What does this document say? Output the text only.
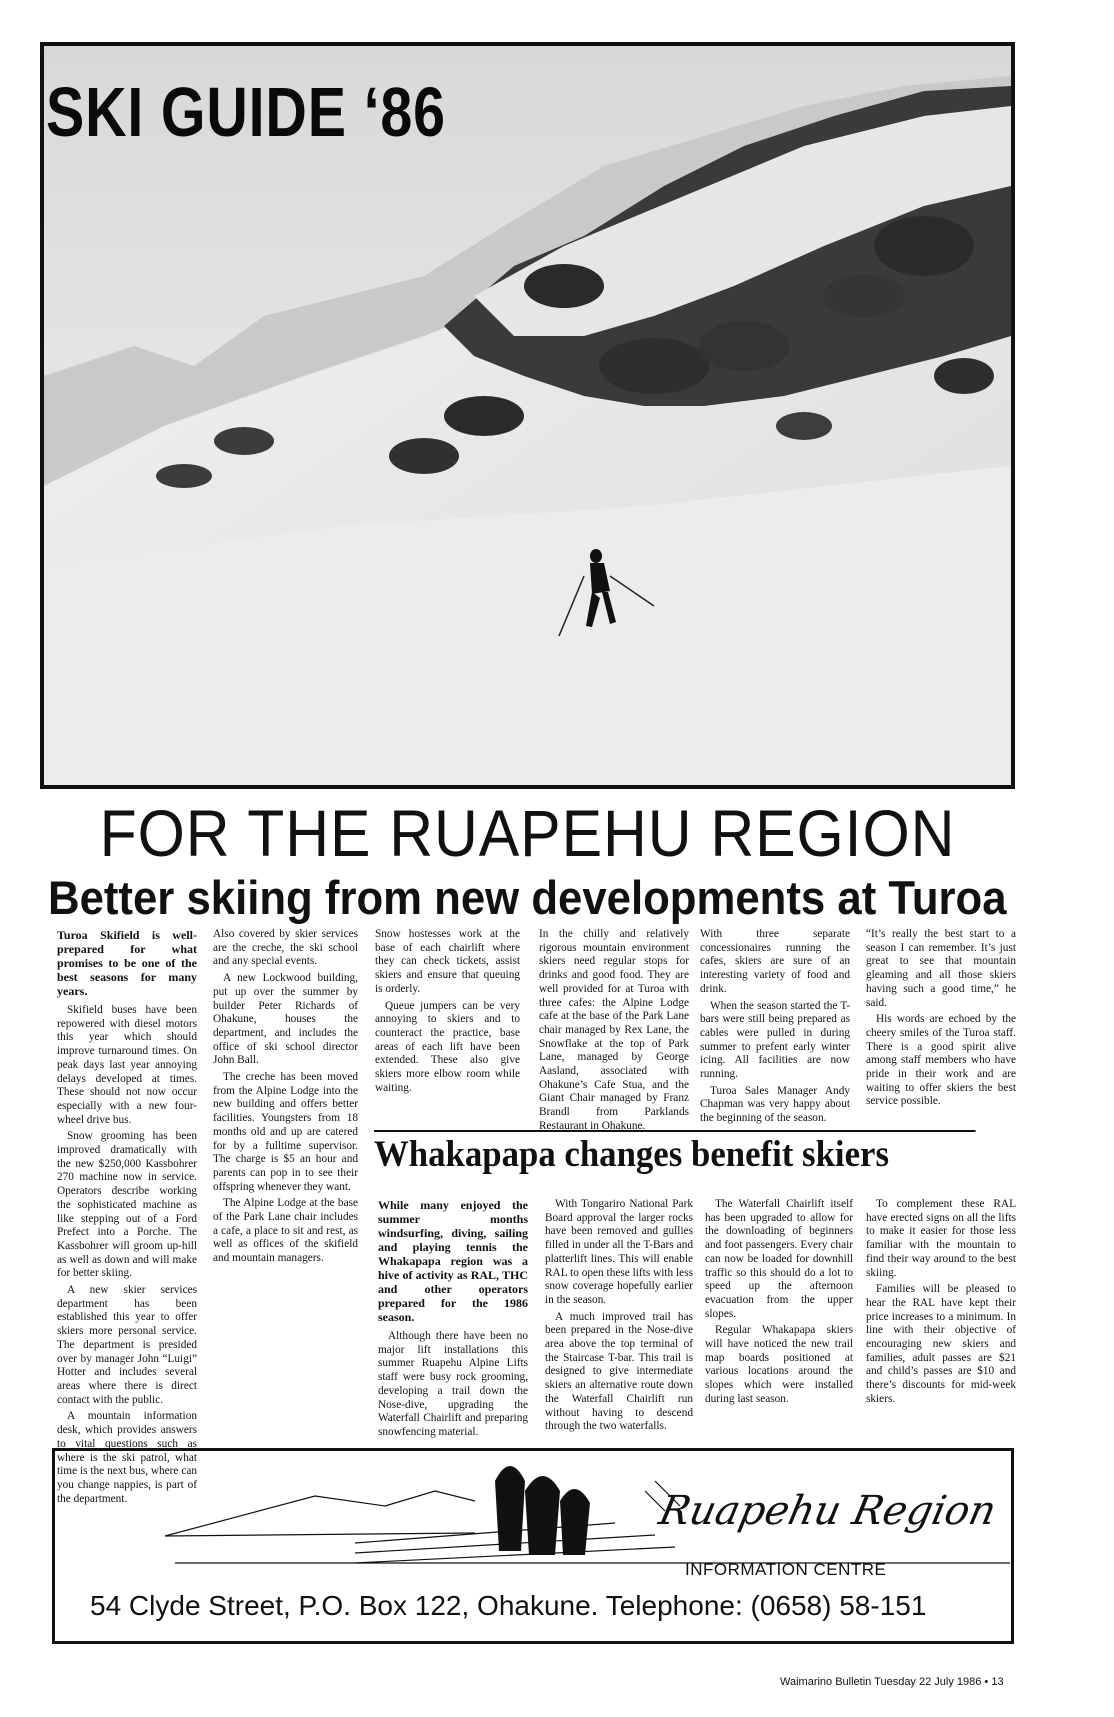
SKI GUIDE ‘86
FOR THE RUAPEHU REGION
Better skiing from new developments at Turoa

Turoa Skifield is well-prepared for what promises to be one of the best seasons for many years.

Skifield buses have been repowered with diesel motors this year which should improve turnaround times. On peak days last year annoying delays developed at times. These should not now occur especially with a new four-wheel drive bus.

Snow grooming has been improved dramatically with the new $250,000 Kassbohrer 270 machine now in service. Operators describe working the sophisticated machine as like stepping out of a Ford Prefect into a Porche. The Kassbohrer will groom up-hill as well as down and will make for better skiing.

A new skier services department has been established this year to offer skiers more personal service. The department is presided over by manager John “Luigi” Hotter and includes several areas where there is direct contact with the public.

A mountain information desk, which provides answers to vital questions such as where is the ski patrol, what time is the next bus, where can you change nappies, is part of the department.

Also covered by skier services are the creche, the ski school and any special events.

A new Lockwood building, put up over the summer by builder Peter Richards of Ohakune, houses the department, and includes the office of ski school director John Ball.

The creche has been moved from the Alpine Lodge into the new building and offers better facilities. Youngsters from 18 months old and up are catered for by a fulltime supervisor. The charge is $5 an hour and parents can pop in to see their offspring whenever they want.

The Alpine Lodge at the base of the Park Lane chair includes a cafe, a place to sit and rest, as well as offices of the skifield and mountain managers.

Snow hostesses work at the base of each chairlift where they can check tickets, assist skiers and ensure that queuing is orderly.

Queue jumpers can be very annoying to skiers and to counteract the practice, base areas of each lift have been extended. These also give skiers more elbow room while waiting.

In the chilly and relatively rigorous mountain environment skiers need regular stops for drinks and good food. They are well provided for at Turoa with three cafes: the Alpine Lodge cafe at the base of the Park Lane chair managed by Rex Lane, the Snowflake at the top of Park Lane, managed by George Aasland, associated with Ohakune’s Cafe Stua, and the Giant Chair managed by Franz Brandl from Parklands Restaurant in Ohakune.

With three separate concessionaires running the cafes, skiers are sure of an interesting variety of food and drink.

When the season started the T-bars were still being prepared as cables were pulled in during summer to prefent early winter icing. All facilities are now running.

Turoa Sales Manager Andy Chapman was very happy about the beginning of the season.

“It’s really the best start to a season I can remember. It’s just great to see that mountain gleaming and all those skiers having such a good time,” he said.

His words are echoed by the cheery smiles of the Turoa staff. There is a good spirit alive among staff members who have pride in their work and are waiting to offer skiers the best service possible.

Whakapapa changes benefit skiers

While many enjoyed the summer months windsurfing, diving, sailing and playing tennis the Whakapapa region was a hive of activity as RAL, THC and other operators prepared for the 1986 season.

Although there have been no major lift installations this summer Ruapehu Alpine Lifts staff were busy rock grooming, developing a trail down the Nose-dive, upgrading the Waterfall Chairlift and preparing snowfencing material.

With Tongariro National Park Board approval the larger rocks have been removed and gullies filled in under all the T-Bars and platterlift lines. This will enable RAL to open these lifts with less snow coverage hopefully earlier in the season.

A much improved trail has been prepared in the Nose-dive area above the top terminal of the Staircase T-bar. This trail is designed to give intermediate skiers an alternative route down the Waterfall Chairlift run without having to descend through the two waterfalls.

The Waterfall Chairlift itself has been upgraded to allow for the downloading of beginners and foot passengers. Every chair can now be loaded for downhill traffic so this should do a lot to speed up the afternoon evacuation from the upper slopes.

Regular Whakapapa skiers will have noticed the new trail map boards positioned at various locations around the slopes which were installed during last season.

To complement these RAL have erected signs on all the lifts to make it easier for those less familiar with the mountain to find their way around to the best skiing.

Families will be pleased to hear the RAL have kept their price increases to a minimum. In line with their objective of encouraging new skiers and families, adult passes are $21 and child’s passes are $10 and there’s discounts for mid-week skiers.

Ruapehu Region
INFORMATION CENTRE
54 Clyde Street, P.O. Box 122, Ohakune. Telephone: (0658) 58-151
Waimarino Bulletin Tuesday 22 July 1986 • 13
